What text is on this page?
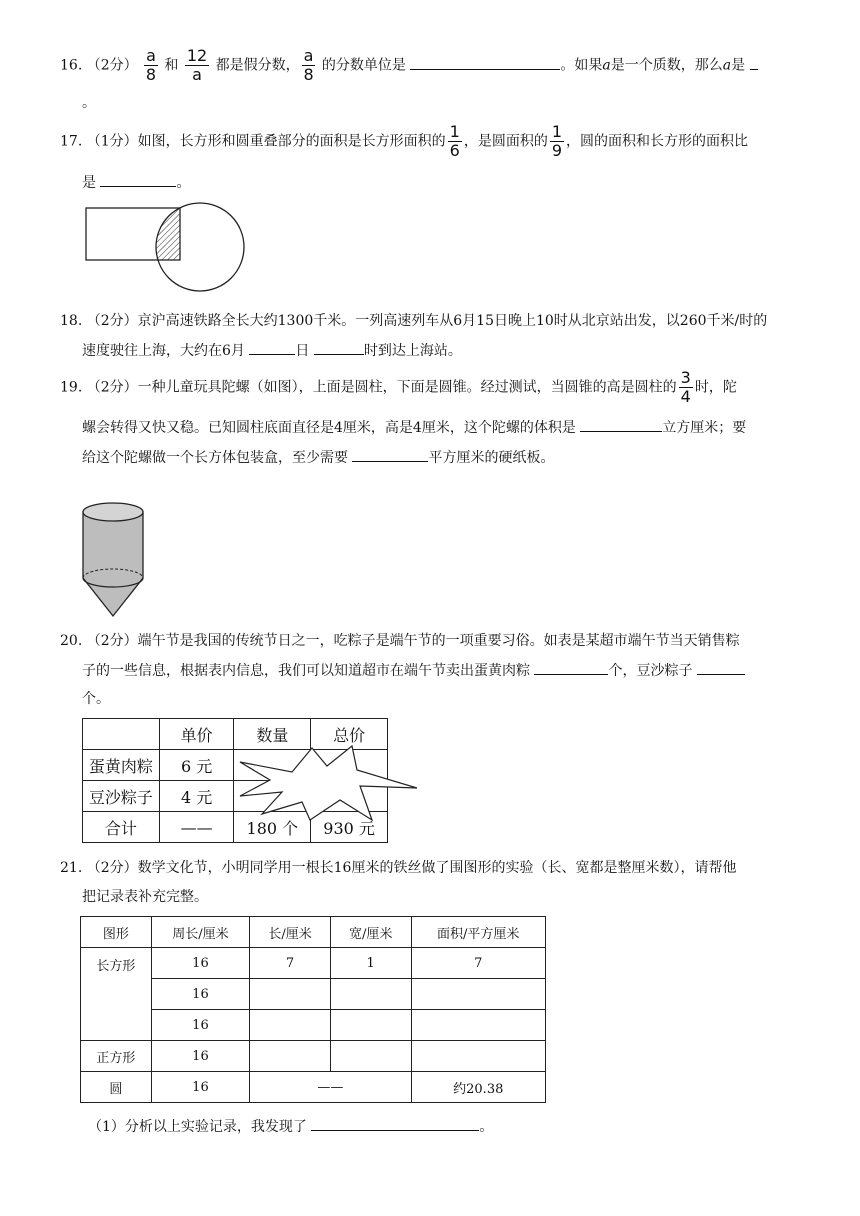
16. （2分） $\frac{a}{8}$ 和 $\frac{12}{a}$ 都是假分数， $\frac{a}{8}$ 的分数单位是	。如果a是一个质数，那么a是
。
17. （1分）如图，长方形和圆重叠部分的面积是长方形面积的 $\frac{1}{6}$ ，是圆面积的 $\frac{1}{9}$ ，圆的面积和长方形的面积比
是	。
18. （2分）京沪高速铁路全长大约1300千米。一列高速列车从6月15日晚上10时从北京站出发，以260千米/时的
速度驶往上海，大约在6月	日	时到达上海站。
19. （2分）一种儿童玩具陀螺（如图），上面是圆柱，下面是圆锥。经过测试，当圆锥的高是圆柱的 $\frac{3}{4}$ 时，陀
螺会转得又快又稳。已知圆柱底面直径是4厘米，高是4厘米，这个陀螺的体积是	立方厘米；要
给这个陀螺做一个长方体包装盒，至少需要	平方厘米的硬纸板。
20. （2分）端午节是我国的传统节日之一，吃粽子是端午节的一项重要习俗。如表是某超市端午节当天销售粽
子的一些信息，根据表内信息，我们可以知道超市在端午节卖出蛋黄肉粽	个，豆沙粽子
个。
	单价	数量	总价
蛋黄肉粽	6 元		
豆沙粽子	4 元		
合计	——	180 个	930 元
21. （2分）数学文化节，小明同学用一根长16厘米的铁丝做了围图形的实验（长、宽都是整厘米数），请帮他
把记录表补充完整。
图形	周长/厘米	长/厘米	宽/厘米	面积/平方厘米
长方形	16	7	1	7
	16			
	16			
正方形	16			
圆	16	——		约20.38
（1）分析以上实验记录，我发现了	。
